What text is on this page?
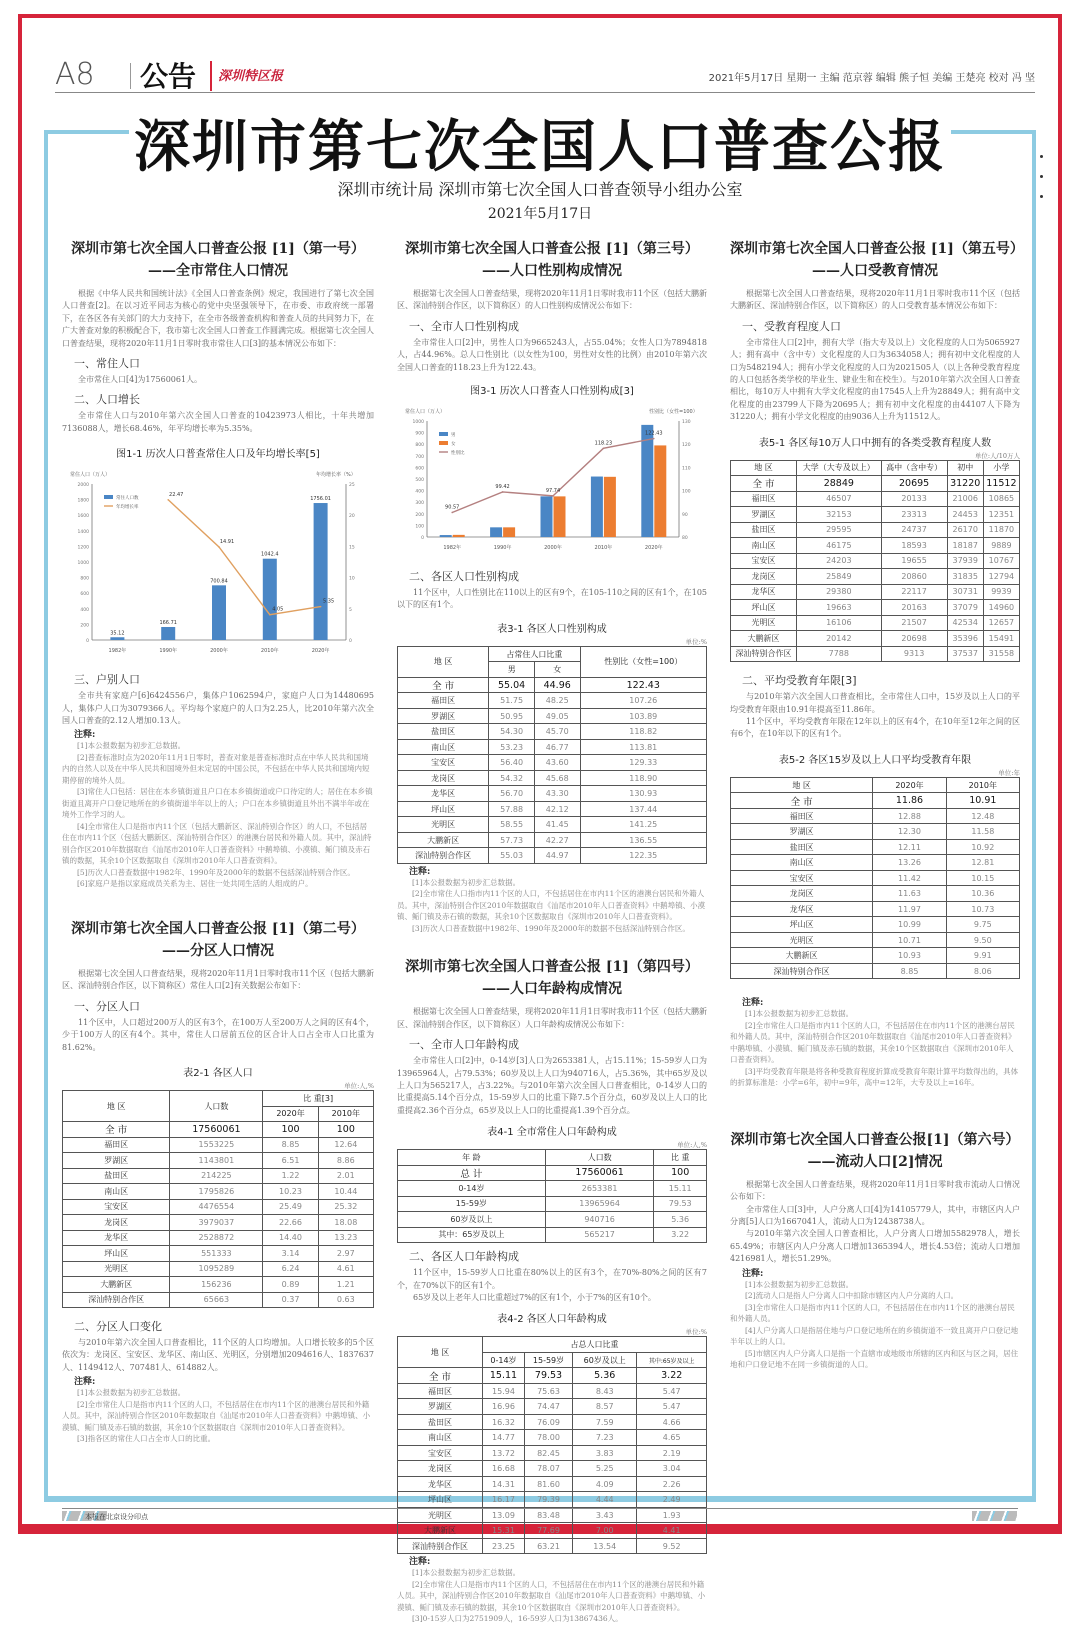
A8 公告 深圳特区报	2021年5月17日 星期一 主编 范京蓉 编辑 熊子恒 美编 王楚亮 校对 冯 坚
深圳市第七次全国人口普查公报
深圳市统计局 深圳市第七次全国人口普查领导小组办公室
2021年5月17日
深圳市第七次全国人口普查公报 [1]（第一号）
——全市常住人口情况

根据《中华人民共和国统计法》《全国人口普查条例》规定，我国进行了第七次全国人口普查[2]。在以习近平同志为核心的党中央坚强领导下，在市委、市政府统一部署下，在各区各有关部门的大力支持下，在全市各级普查机构和普查人员的共同努力下，在广大普查对象的积极配合下，我市第七次全国人口普查工作圆满完成。根据第七次全国人口普查结果，现将2020年11月1日零时我市常住人口[3]的基本情况公布如下：

一、常住人口

全市常住人口[4]为17560061人。

二、人口增长

全市常住人口与2010年第六次全国人口普查的10423973人相比，十年共增加7136088人，增长68.46%，年平均增长率为5.35%。

图1-1 历次人口普查常住人口及年均增长率[5]
常住人口（万人）	年均增长率（%）
0
200
400
600
800
1000
1200
1400
1600
1800
2000
0
5
10
15
20
25
1982年	1990年	2000年	2010年	2020年
35.12
166.71
700.84
1042.4
1756.01
常住人口数
22.47
14.91
4.05
5.35
年均增长率
三、户别人口

全市共有家庭户[6]6424556户，集体户1062594户，家庭户人口为14480695人，集体户人口为3079366人。平均每个家庭户的人口为2.25人，比2010年第六次全国人口普查的2.12人增加0.13人。

注释:

[1]本公报数据为初步汇总数据。

[2]普查标准时点为2020年11月1日零时，普查对象是普查标准时点在中华人民共和国境内的自然人以及在中华人民共和国境外但未定居的中国公民，不包括在中华人民共和国境内短期停留的境外人员。

[3]常住人口包括：居住在本乡镇街道且户口在本乡镇街道或户口待定的人；居住在本乡镇街道且离开户口登记地所在的乡镇街道半年以上的人；户口在本乡镇街道且外出不满半年或在境外工作学习的人。

[4]全市常住人口是指市内11个区（包括大鹏新区、深汕特别合作区）的人口，不包括居住在市内11个区（包括大鹏新区、深汕特别合作区）的港澳台居民和外籍人员。其中，深汕特别合作区2010年数据取自《汕尾市2010年人口普查资料》中鹅埠镇、小漠镇、鲘门镇及赤石镇的数据，其余10个区数据取自《深圳市2010年人口普查资料》。

[5]历次人口普查数据中1982年、1990年及2000年的数据不包括深汕特别合作区。

[6]家庭户是指以家庭成员关系为主、居住一处共同生活的人组成的户。

深圳市第七次全国人口普查公报 [1]（第二号）
——分区人口情况

根据第七次全国人口普查结果，现将2020年11月1日零时我市11个区（包括大鹏新区、深汕特别合作区，以下简称区）常住人口[2]有关数据公布如下：

一、分区人口

11个区中，人口超过200万人的区有3个，在100万人至200万人之间的区有4个，少于100万人的区有4个。其中，常住人口居前五位的区合计人口占全市人口比重为81.62%。

表2-1 各区人口
单位:人,%
地 区	人口数	比 重[3]	
		2020年	2010年
全 市	17560061	100	100
福田区	1553225	8.85	12.64
罗湖区	1143801	6.51	8.86
盐田区	214225	1.22	2.01
南山区	1795826	10.23	10.44
宝安区	4476554	25.49	25.32
龙岗区	3979037	22.66	18.08
龙华区	2528872	14.40	13.23
坪山区	551333	3.14	2.97
光明区	1095289	6.24	4.61
大鹏新区	156236	0.89	1.21
深汕特别合作区	65663	0.37	0.63
二、分区人口变化

与2010年第六次全国人口普查相比，11个区的人口均增加。人口增长较多的5个区依次为：龙岗区、宝安区、龙华区、南山区、光明区，分别增加2094616人、1837637人、1149412人、707481人、614882人。

注释:

[1]本公报数据为初步汇总数据。

[2]全市常住人口是指市内11个区的人口，不包括居住在市内11个区的港澳台居民和外籍人员。其中，深汕特别合作区2010年数据取自《汕尾市2010年人口普查资料》中鹅埠镇、小漠镇、鲘门镇及赤石镇的数据，其余10个区数据取自《深圳市2010年人口普查资料》。

[3]指各区的常住人口占全市人口的比重。

深圳市第七次全国人口普查公报 [1]（第三号）
——人口性别构成情况

根据第七次全国人口普查结果，现将2020年11月1日零时我市11个区（包括大鹏新区、深汕特别合作区，以下简称区）的人口性别构成情况公布如下：

一、全市人口性别构成

全市常住人口[2]中，男性人口为9665243人，占55.04%；女性人口为7894818人，占44.96%。总人口性别比（以女性为100，男性对女性的比例）由2010年第六次全国人口普查的118.23上升为122.43。

图3-1 历次人口普查人口性别构成[3]
常住人口（万人）	性别比（女性=100）
0
100
200
300
400
500
600
700
800
900
1000
80
90
100
110
120
130
1982年	1990年	2000年	2010年	2020年
男
女
90.57
99.42
97.74
118.23
122.43
性别比
二、各区人口性别构成

11个区中，人口性别比在110以上的区有9个，在105-110之间的区有1个，在105以下的区有1个。

表3-1 各区人口性别构成
单位:%
地 区	占常住人口比重		性别比（女性=100）
	男	女	
全 市	55.04	44.96	122.43
福田区	51.75	48.25	107.26
罗湖区	50.95	49.05	103.89
盐田区	54.30	45.70	118.82
南山区	53.23	46.77	113.81
宝安区	56.40	43.60	129.33
龙岗区	54.32	45.68	118.90
龙华区	56.70	43.30	130.93
坪山区	57.88	42.12	137.44
光明区	58.55	41.45	141.25
大鹏新区	57.73	42.27	136.55
深汕特别合作区	55.03	44.97	122.35
注释:

[1]本公报数据为初步汇总数据。

[2]全市常住人口指市内11个区的人口，不包括居住在市内11个区的港澳台居民和外籍人员。其中，深汕特别合作区2010年数据取自《汕尾市2010年人口普查资料》中鹅埠镇、小漠镇、鲘门镇及赤石镇的数据，其余10个区数据取自《深圳市2010年人口普查资料》。

[3]历次人口普查数据中1982年、1990年及2000年的数据不包括深汕特别合作区。

深圳市第七次全国人口普查公报 [1]（第四号）
——人口年龄构成情况

根据第七次全国人口普查结果，现将2020年11月1日零时我市11个区（包括大鹏新区、深汕特别合作区，以下简称区）人口年龄构成情况公布如下：

一、全市人口年龄构成

全市常住人口[2]中，0-14岁[3]人口为2653381人，占15.11%；15-59岁人口为13965964人，占79.53%；60岁及以上人口为940716人，占5.36%，其中65岁及以上人口为565217人，占3.22%。与2010年第六次全国人口普查相比，0-14岁人口的比重提高5.14个百分点，15-59岁人口的比重下降7.5个百分点，60岁及以上人口的比重提高2.36个百分点，65岁及以上人口的比重提高1.39个百分点。

表4-1 全市常住人口年龄构成
单位:人,%
年 龄	人口数	比 重
总 计	17560061	100
0-14岁	2653381	15.11
15-59岁	13965964	79.53
60岁及以上	940716	5.36
其中：65岁及以上	565217	3.22
二、各区人口年龄构成

11个区中，15-59岁人口比重在80%以上的区有3个，在70%-80%之间的区有7个，在70%以下的区有1个。

65岁及以上老年人口比重超过7%的区有1个，小于7%的区有10个。

表4-2 各区人口年龄构成
单位:%
地 区	占总人口比重			
	0-14岁	15-59岁	60岁及以上	其中:65岁及以上
全 市	15.11	79.53	5.36	3.22
福田区	15.94	75.63	8.43	5.47
罗湖区	16.96	74.47	8.57	5.47
盐田区	16.32	76.09	7.59	4.66
南山区	14.77	78.00	7.23	4.65
宝安区	13.72	82.45	3.83	2.19
龙岗区	16.68	78.07	5.25	3.04
龙华区	14.31	81.60	4.09	2.26
坪山区	16.17	79.39	4.44	2.49
光明区	13.09	83.48	3.43	1.93
大鹏新区	15.31	77.69	7.00	4.41
深汕特别合作区	23.25	63.21	13.54	9.52
注释:

[1]本公报数据为初步汇总数据。

[2]全市常住人口是指市内11个区的人口，不包括居住在市内11个区的港澳台居民和外籍人员。其中，深汕特别合作区2010年数据取自《汕尾市2010年人口普查资料》中鹅埠镇、小漠镇、鲘门镇及赤石镇的数据，其余10个区数据取自《深圳市2010年人口普查资料》。

[3]0-15岁人口为2751909人，16-59岁人口为13867436人。

深圳市第七次全国人口普查公报 [1]（第五号）
——人口受教育情况

根据第七次全国人口普查结果，现将2020年11月1日零时我市11个区（包括大鹏新区、深汕特别合作区，以下简称区）的人口受教育基本情况公布如下：

一、受教育程度人口

全市常住人口[2]中，拥有大学（指大专及以上）文化程度的人口为5065927人；拥有高中（含中专）文化程度的人口为3634058人；拥有初中文化程度的人口为5482194人；拥有小学文化程度的人口为2021505人（以上各种受教育程度的人口包括各类学校的毕业生、肄业生和在校生）。与2010年第六次全国人口普查相比，每10万人中拥有大学文化程度的由17545人上升为28849人；拥有高中文化程度的由23799人下降为20695人；拥有初中文化程度的由44107人下降为31220人；拥有小学文化程度的由9036人上升为11512人。

表5-1 各区每10万人口中拥有的各类受教育程度人数
单位:人/10万人
地 区	大学（大专及以上）	高中（含中专）	初中	小学
全 市	28849	20695	31220	11512
福田区	46507	20133	21006	10865
罗湖区	32153	23313	24453	12351
盐田区	29595	24737	26170	11870
南山区	46175	18593	18187	9889
宝安区	24203	19655	37939	10767
龙岗区	25849	20860	31835	12794
龙华区	29380	22117	30731	9939
坪山区	19663	20163	37079	14960
光明区	16106	21507	42534	12657
大鹏新区	20142	20698	35396	15491
深汕特别合作区	7788	9313	37537	31558
二、平均受教育年限[3]

与2010年第六次全国人口普查相比，全市常住人口中，15岁及以上人口的平均受教育年限由10.91年提高至11.86年。

11个区中，平均受教育年限在12年以上的区有4个，在10年至12年之间的区有6个，在10年以下的区有1个。

表5-2 各区15岁及以上人口平均受教育年限
单位:年
地 区	2020年	2010年
全 市	11.86	10.91
福田区	12.88	12.48
罗湖区	12.30	11.58
盐田区	12.11	10.92
南山区	13.26	12.81
宝安区	11.42	10.15
龙岗区	11.63	10.36
龙华区	11.97	10.73
坪山区	10.99	9.75
光明区	10.71	9.50
大鹏新区	10.93	9.91
深汕特别合作区	8.85	8.06
注释:

[1]本公报数据为初步汇总数据。

[2]全市常住人口是指市内11个区的人口，不包括居住在市内11个区的港澳台居民和外籍人员。其中，深汕特别合作区2010年数据取自《汕尾市2010年人口普查资料》中鹅埠镇、小漠镇、鲘门镇及赤石镇的数据，其余10个区数据取自《深圳市2010年人口普查资料》。

[3]平均受教育年限是将各种受教育程度折算成受教育年限计算平均数得出的，具体的折算标准是：小学=6年，初中=9年，高中=12年，大专及以上=16年。

深圳市第七次全国人口普查公报[1]（第六号）
——流动人口[2]情况

根据第七次全国人口普查结果，现将2020年11月1日零时我市流动人口情况公布如下：

全市常住人口[3]中，人户分离人口[4]为14105779人，其中，市辖区内人户分离[5]人口为1667041人，流动人口为12438738人。

与2010年第六次全国人口普查相比，人户分离人口增加5582978人，增长65.49%；市辖区内人户分离人口增加1365394人，增长4.53倍；流动人口增加4216981人，增长51.29%。

注释:

[1]本公报数据为初步汇总数据。

[2]流动人口是指人户分离人口中扣除市辖区内人户分离的人口。

[3]全市常住人口是指市内11个区的人口，不包括居住在市内11个区的港澳台居民和外籍人员。

[4]人户分离人口是指居住地与户口登记地所在的乡镇街道不一致且离开户口登记地半年以上的人口。

[5]市辖区内人户分离人口是指一个直辖市或地级市所辖的区内和区与区之间，居住地和户口登记地不在同一乡镇街道的人口。

本报在北京设分印点
